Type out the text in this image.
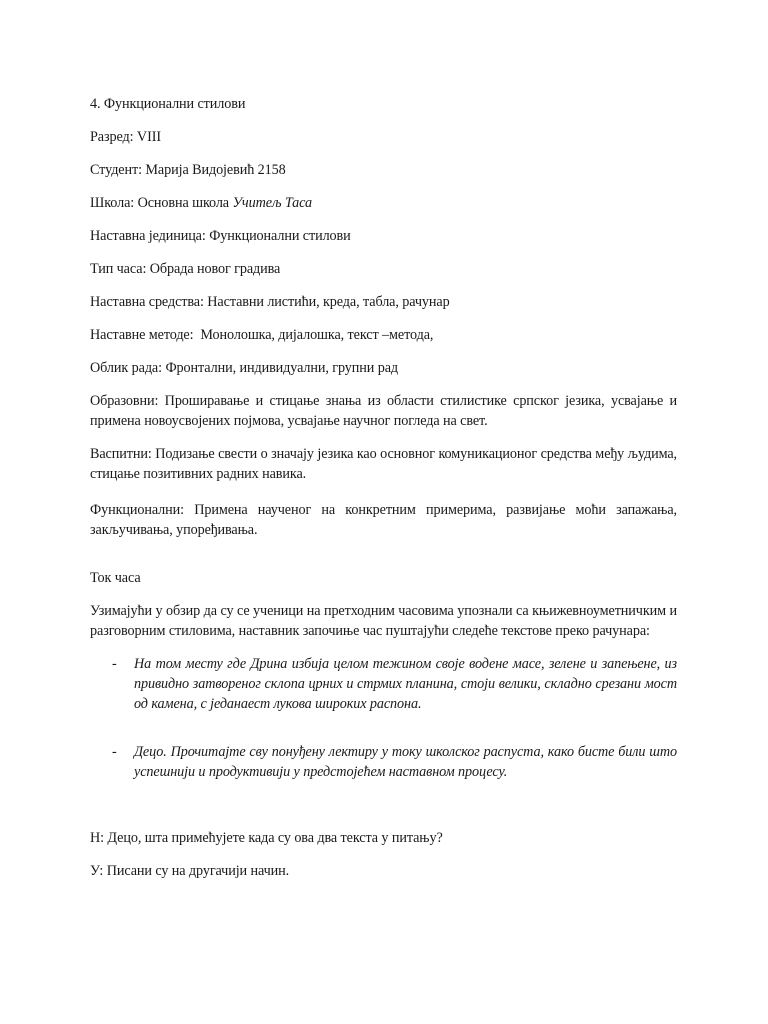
4. Функционални стилови

Разред: VIII

Студент: Марија Видојевић 2158

Школа: Основна школа Учитељ Таса

Наставна јединица: Функционални стилови

Тип часа: Обрада новог градива

Наставна средства: Наставни листићи, креда, табла, рачунар

Наставне методе: Монолошка, дијалошка, текст –метода,

Облик рада: Фронтални, индивидуални, групни рад

Образовни: Проширавање и стицање знања из области стилистике српског језика, усвајање и примена новоусвојених појмова, усвајање научног погледа на свет.

Васпитни: Подизање свести о значају језика као основног комуникационог средства међу људима, стицање позитивних радних навика.

Функционални: Примена наученог на конкретним примерима, развијање моћи запажања, закључивања, упоређивања.

Ток часа

Узимајући у обзир да су се ученици на претходним часовима упознали са књижевноуметничким и разговорним стиловима, наставник започиње час пуштајући следеће текстове преко рачунара:

- На том месту где Дрина избија целом тежином своје водене масе, зелене и запењене, из привидно затвореног склопа црних и стрмих планина, стоји велики, складно срезани мост од камена, с једанаест лукова широких распона.

- Децо. Прочитајте сву понуђену лектиру у току школског распуста, како бисте били што успешнији и продуктивији у предстојећем наставном процесу.

Н: Децо, шта примећујете када су ова два текста у питању?

У: Писани су на другачији начин.
